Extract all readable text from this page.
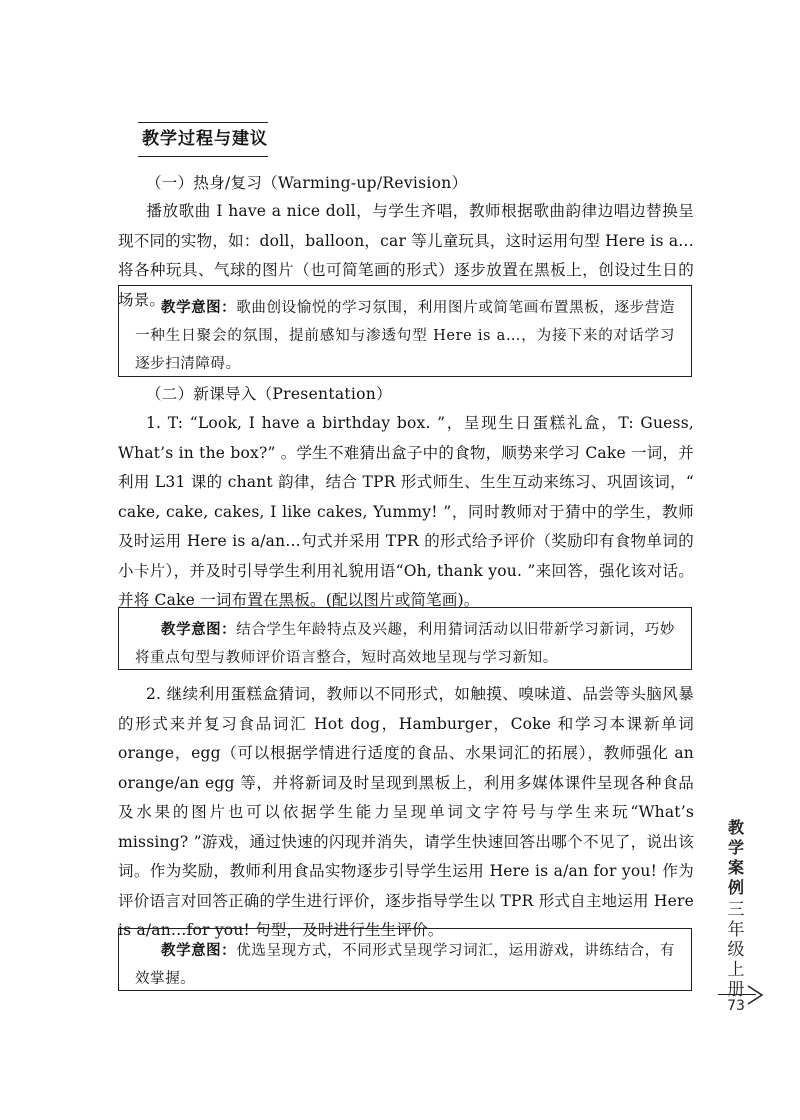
教学过程与建议
（一）热身/复习（Warming-up/Revision）

播放歌曲 I have a nice doll，与学生齐唱，教师根据歌曲韵律边唱边替换呈现不同的实物，如：doll，balloon，car 等儿童玩具，这时运用句型 Here is a…将各种玩具、气球的图片（也可简笔画的形式）逐步放置在黑板上，创设过生日的场景。

教学意图：歌曲创设愉悦的学习氛围，利用图片或简笔画布置黑板，逐步营造一种生日聚会的氛围，提前感知与渗透句型 Here is a…，为接下来的对话学习逐步扫清障碍。
（二）新课导入（Presentation）

1. T: “Look, I have a birthday box. ”，呈现生日蛋糕礼盒，T: Guess, What’s in the box?” 。学生不难猜出盒子中的食物，顺势来学习 Cake 一词，并利用 L31 课的 chant 韵律，结合 TPR 形式师生、生生互动来练习、巩固该词，“ cake, cake, cakes, I like cakes, Yummy! ”，同时教师对于猜中的学生，教师及时运用 Here is a/an…句式并采用 TPR 的形式给予评价（奖励印有食物单词的小卡片），并及时引导学生利用礼貌用语“Oh, thank you. ”来回答，强化该对话。并将 Cake 一词布置在黑板。(配以图片或简笔画)。

教学意图：结合学生年龄特点及兴趣，利用猜词活动以旧带新学习新词，巧妙将重点句型与教师评价语言整合，短时高效地呈现与学习新知。

2. 继续利用蛋糕盒猜词，教师以不同形式，如触摸、嗅味道、品尝等头脑风暴的形式来并复习食品词汇 Hot dog，Hamburger，Coke 和学习本课新单词 orange，egg（可以根据学情进行适度的食品、水果词汇的拓展），教师强化 an orange/an egg 等，并将新词及时呈现到黑板上，利用多媒体课件呈现各种食品及水果的图片也可以依据学生能力呈现单词文字符号与学生来玩“What’s missing? ”游戏，通过快速的闪现并消失，请学生快速回答出哪个不见了，说出该词。作为奖励，教师利用食品实物逐步引导学生运用 Here is a/an for you! 作为评价语言对回答正确的学生进行评价，逐步指导学生以 TPR 形式自主地运用 Here is a/an…for you! 句型，及时进行生生评价。

教学意图：优选呈现方式，不同形式呈现学习词汇，运用游戏，讲练结合，有效掌握。
教
学
案
例
三
年
级
上
册
73
